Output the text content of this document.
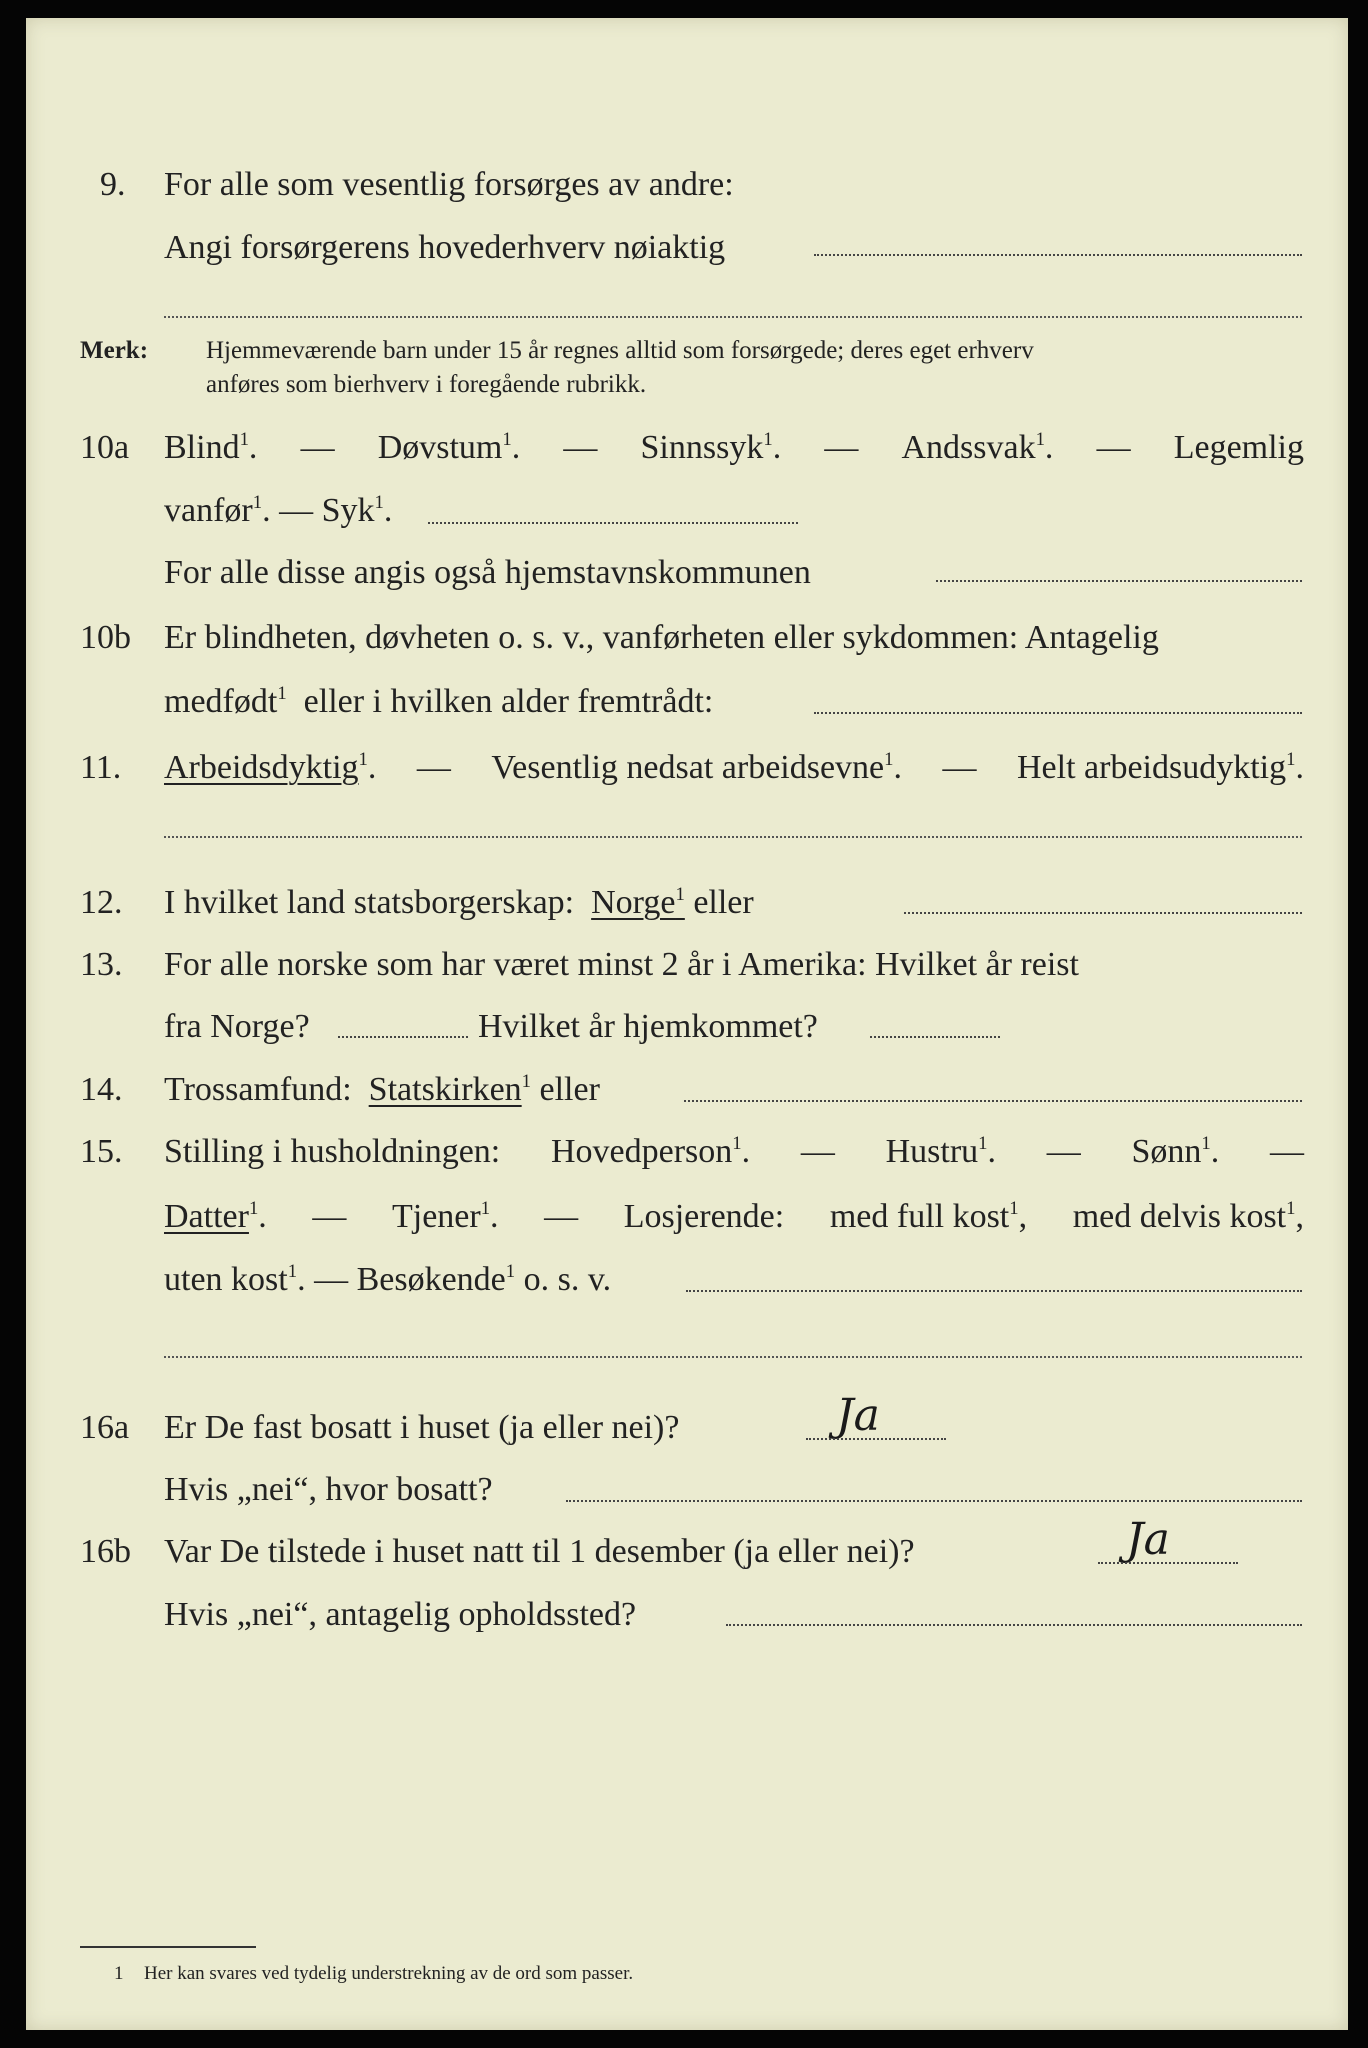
9. For alle som vesentlig forsørges av andre:
Angi forsørgerens hovederhverv nøiaktig
Merk: Hjemmeværende barn under 15 år regnes alltid som forsørgede; deres eget erhverv
anføres som bierhverv i foregående rubrikk.
10a Blind$^1$. — Døvstum$^1$. — Sinnssyk$^1$. — Andssvak$^1$. — Legemlig
vanfør$^1$. — Syk$^1$.
For alle disse angis også hjemstavnskommunen
10b Er blindheten, døvheten o. s. v., vanførheten eller sykdommen: Antagelig
medfødt$^1$ eller i hvilken alder fremtrådt:
11. Arbeidsdyktig$^1$. — Vesentlig nedsat arbeidsevne$^1$. — Helt arbeidsudyktig$^1$.
12. I hvilket land statsborgerskap: Norge$^1$ eller
13. For alle norske som har været minst 2 år i Amerika: Hvilket år reist
fra Norge?	Hvilket år hjemkommet?
14. Trossamfund: Statskirken$^1$ eller
15. Stilling i husholdningen: Hovedperson$^1$. — Hustru$^1$. — Sønn$^1$. —
Datter$^1$. — Tjener$^1$. — Losjerende: med full kost$^1$, med delvis kost$^1$,
uten kost$^1$. — Besøkende$^1$ o. s. v.
16a Er De fast bosatt i huset (ja eller nei)?	Ja
Hvis „nei“, hvor bosatt?
16b Var De tilstede i huset natt til 1 desember (ja eller nei)?	Ja
Hvis „nei“, antagelig opholdssted?
1 Her kan svares ved tydelig understrekning av de ord som passer.
